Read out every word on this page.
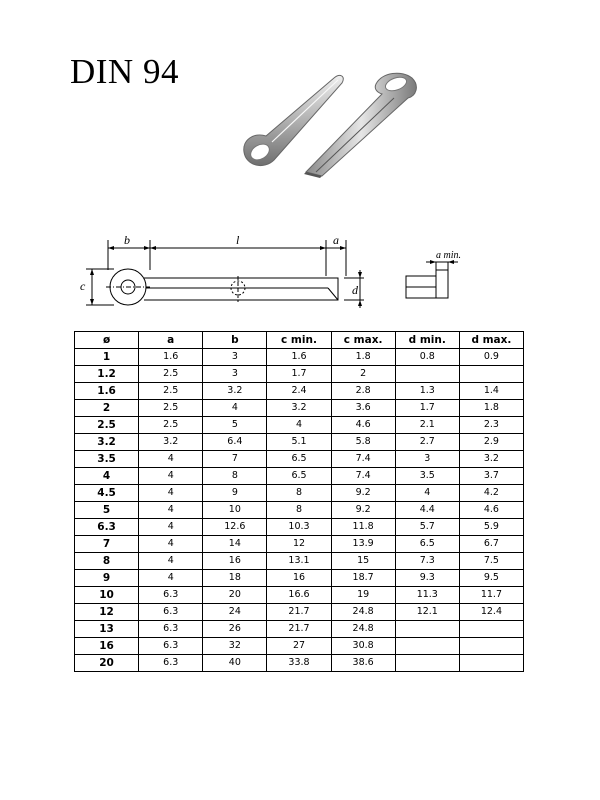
DIN 94
b	l	a
c	d
a min.
ø	a	b	c min.	c max.	d min.	d max.
1	1.6	3	1.6	1.8	0.8	0.9
1.2	2.5	3	1.7	2		
1.6	2.5	3.2	2.4	2.8	1.3	1.4
2	2.5	4	3.2	3.6	1.7	1.8
2.5	2.5	5	4	4.6	2.1	2.3
3.2	3.2	6.4	5.1	5.8	2.7	2.9
3.5	4	7	6.5	7.4	3	3.2
4	4	8	6.5	7.4	3.5	3.7
4.5	4	9	8	9.2	4	4.2
5	4	10	8	9.2	4.4	4.6
6.3	4	12.6	10.3	11.8	5.7	5.9
7	4	14	12	13.9	6.5	6.7
8	4	16	13.1	15	7.3	7.5
9	4	18	16	18.7	9.3	9.5
10	6.3	20	16.6	19	11.3	11.7
12	6.3	24	21.7	24.8	12.1	12.4
13	6.3	26	21.7	24.8		
16	6.3	32	27	30.8		
20	6.3	40	33.8	38.6		
